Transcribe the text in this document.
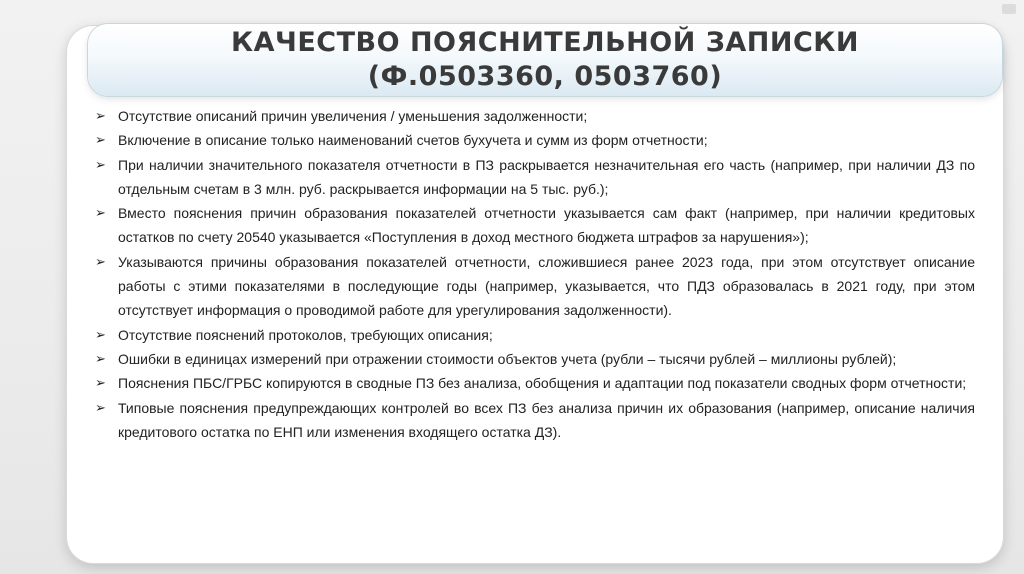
КАЧЕСТВО ПОЯСНИТЕЛЬНОЙ ЗАПИСКИ (Ф.0503360, 0503760)
➢ Отсутствие описаний причин увеличения / уменьшения задолженности;
➢ Включение в описание только наименований счетов бухучета и сумм из форм отчетности;
➢ При наличии значительного показателя отчетности в ПЗ раскрывается незначительная его часть (например, при наличии ДЗ по отдельным счетам в 3 млн. руб. раскрывается информации на 5 тыс. руб.);
➢ Вместо пояснения причин образования показателей отчетности указывается сам факт (например, при наличии кредитовых остатков по счету 20540 указывается «Поступления в доход местного бюджета штрафов за нарушения»);
➢ Указываются причины образования показателей отчетности, сложившиеся ранее 2023 года, при этом отсутствует описание работы с этими показателями в последующие годы (например, указывается, что ПДЗ образовалась в 2021 году, при этом отсутствует информация о проводимой работе для урегулирования задолженности).
➢ Отсутствие пояснений протоколов, требующих описания;
➢ Ошибки в единицах измерений при отражении стоимости объектов учета (рубли – тысячи рублей – миллионы рублей);
➢ Пояснения ПБС/ГРБС копируются в сводные ПЗ без анализа, обобщения и адаптации под показатели сводных форм отчетности;
➢ Типовые пояснения предупреждающих контролей во всех ПЗ без анализа причин их образования (например, описание наличия кредитового остатка по ЕНП или изменения входящего остатка ДЗ).
